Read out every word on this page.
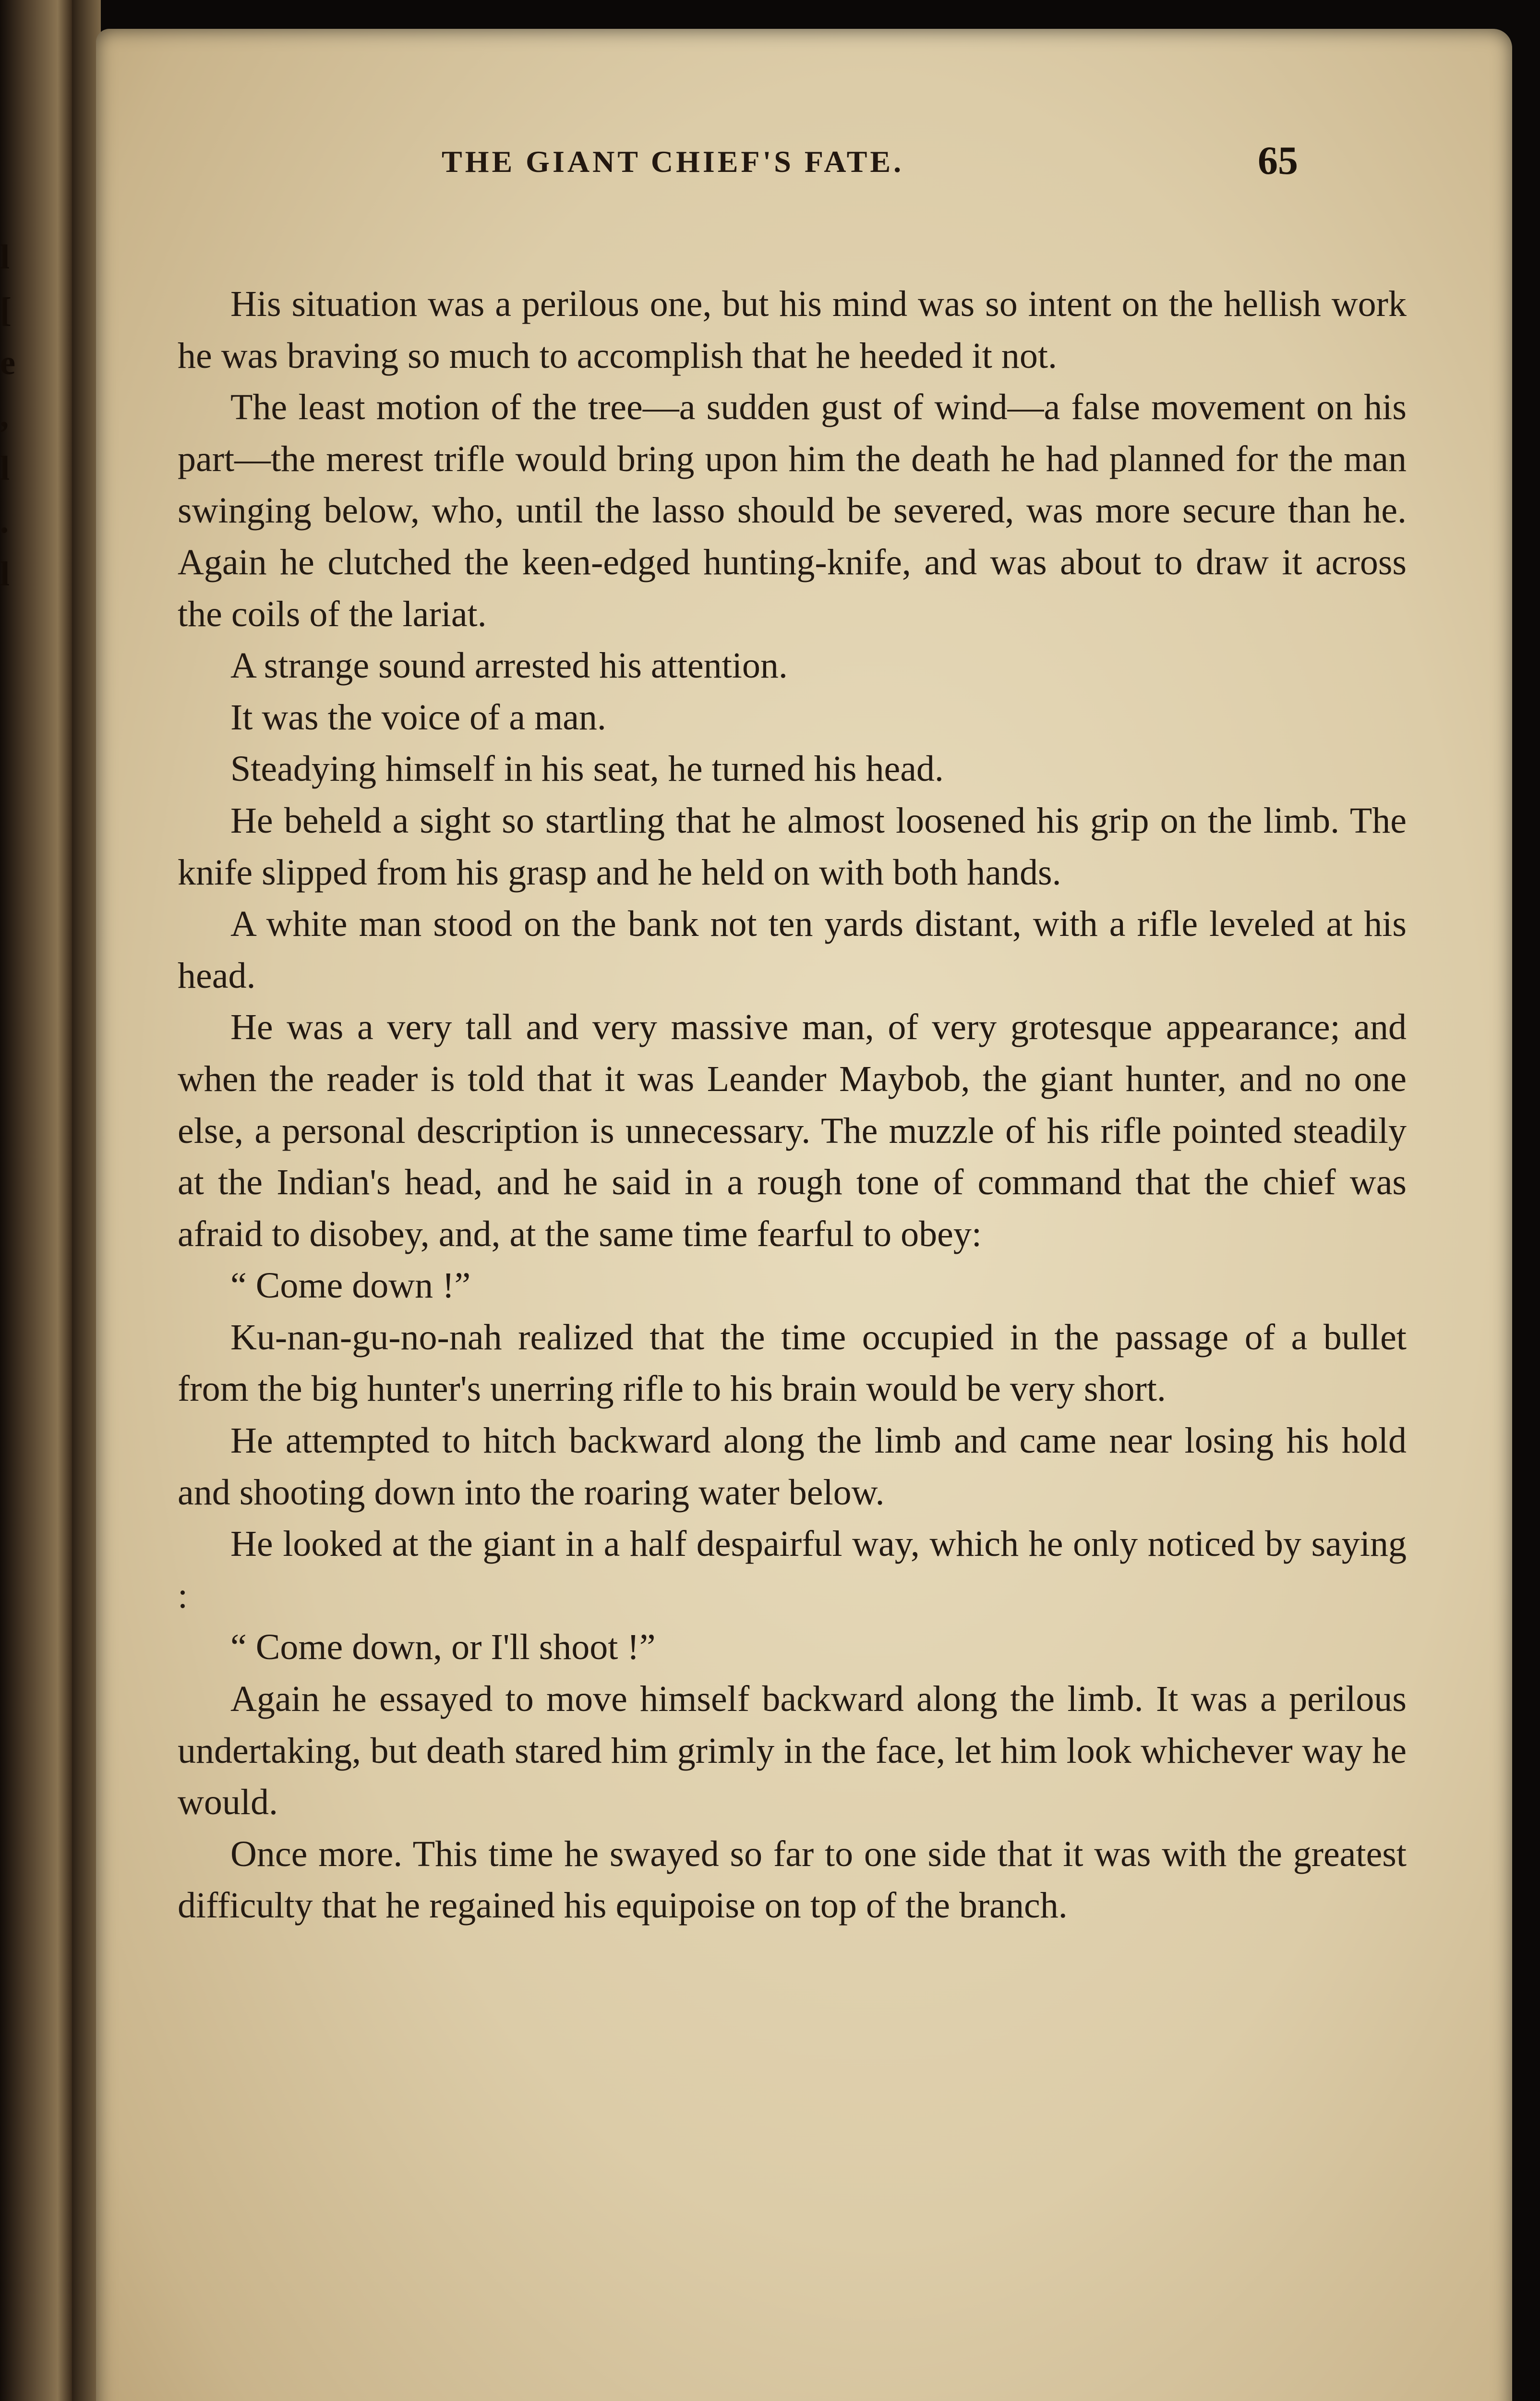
l
[
e
,
l
.
l
THE GIANT CHIEF'S FATE.	65

His situation was a perilous one, but his mind was so intent on the hellish work he was braving so much to accomplish that he heeded it not.

The least motion of the tree—a sudden gust of wind—a false movement on his part—the merest trifle would bring upon him the death he had planned for the man swinging below, who, until the lasso should be severed, was more secure than he. Again he clutched the keen-edged hunting-knife, and was about to draw it across the coils of the lariat.

A strange sound arrested his attention.

It was the voice of a man.

Steadying himself in his seat, he turned his head.

He beheld a sight so startling that he almost loosened his grip on the limb. The knife slipped from his grasp and he held on with both hands.

A white man stood on the bank not ten yards distant, with a rifle leveled at his head.

He was a very tall and very massive man, of very grotesque appearance; and when the reader is told that it was Leander Maybob, the giant hunter, and no one else, a personal description is unnecessary. The muzzle of his rifle pointed steadily at the Indian's head, and he said in a rough tone of command that the chief was afraid to disobey, and, at the same time fearful to obey:

“ Come down !”

Ku-nan-gu-no-nah realized that the time occupied in the passage of a bullet from the big hunter's unerring rifle to his brain would be very short.

He attempted to hitch backward along the limb and came near losing his hold and shooting down into the roaring water below.

He looked at the giant in a half despairful way, which he only noticed by saying :

“ Come down, or I'll shoot !”

Again he essayed to move himself backward along the limb. It was a perilous undertaking, but death stared him grimly in the face, let him look whichever way he would.

Once more. This time he swayed so far to one side that it was with the greatest difficulty that he regained his equipoise on top of the branch.
